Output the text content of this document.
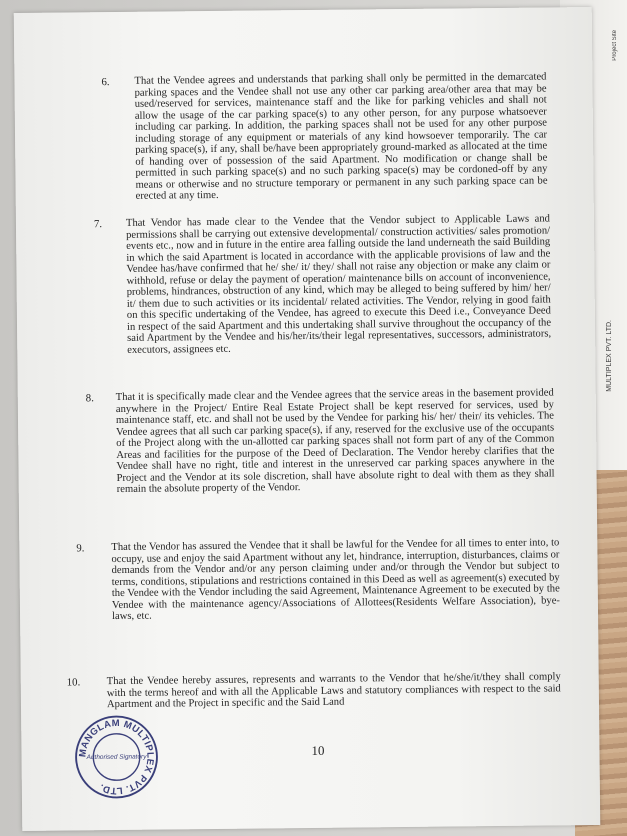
MULTIPLEX PVT. LTD.
Project Site
6. That the Vendee agrees and understands that parking shall only be permitted in the demarcated parking spaces and the Vendee shall not use any other car parking area/other area that may be used/reserved for services, maintenance staff and the like for parking vehicles and shall not allow the usage of the car parking space(s) to any other person, for any purpose whatsoever including car parking. In addition, the parking spaces shall not be used for any other purpose including storage of any equipment or materials of any kind howsoever temporarily. The car parking space(s), if any, shall be/have been appropriately ground-marked as allocated at the time of handing over of possession of the said Apartment. No modification or change shall be permitted in such parking space(s) and no such parking space(s) may be cordoned-off by any means or otherwise and no structure temporary or permanent in any such parking space can be erected at any time.

7. That Vendor has made clear to the Vendee that the Vendor subject to Applicable Laws and permissions shall be carrying out extensive developmental/ construction activities/ sales promotion/ events etc., now and in future in the entire area falling outside the land underneath the said Building in which the said Apartment is located in accordance with the applicable provisions of law and the Vendee has/have confirmed that he/ she/ it/ they/ shall not raise any objection or make any claim or withhold, refuse or delay the payment of operation/ maintenance bills on account of inconvenience, problems, hindrances, obstruction of any kind, which may be alleged to being suffered by him/ her/ it/ them due to such activities or its incidental/ related activities. The Vendor, relying in good faith on this specific undertaking of the Vendee, has agreed to execute this Deed i.e., Conveyance Deed in respect of the said Apartment and this undertaking shall survive throughout the occupancy of the said Apartment by the Vendee and his/her/its/their legal representatives, successors, administrators, executors, assignees etc.

8. That it is specifically made clear and the Vendee agrees that the service areas in the basement provided anywhere in the Project/ Entire Real Estate Project shall be kept reserved for services, used by maintenance staff, etc. and shall not be used by the Vendee for parking his/ her/ their/ its vehicles. The Vendee agrees that all such car parking space(s), if any, reserved for the exclusive use of the occupants of the Project along with the un-allotted car parking spaces shall not form part of any of the Common Areas and facilities for the purpose of the Deed of Declaration. The Vendor hereby clarifies that the Vendee shall have no right, title and interest in the unreserved car parking spaces anywhere in the Project and the Vendor at its sole discretion, shall have absolute right to deal with them as they shall remain the absolute property of the Vendor.

9.	That the Vendor has assured the Vendee that it shall be lawful for the Vendee for all times to enter into, to occupy, use and enjoy the said Apartment without any let, hindrance, interruption, disturbances, claims or demands from the Vendor and/or any person claiming under and/or through the Vendor but subject to terms, conditions, stipulations and restrictions contained in this Deed as well as agreement(s) executed by the Vendee with the Vendor including the said Agreement, Maintenance Agreement to be executed by the Vendee with the maintenance agency/Associations of Allottees(Residents Welfare Association), bye-laws, etc.

10. That the Vendee hereby assures, represents and warrants to the Vendor that he/she/it/they shall comply with the terms hereof and with all the Applicable Laws and statutory compliances with respect to the said Apartment and the Project in specific and the Said Land

10
MANGLAM MULTIPLEX PVT. LTD.
Authorised Signatory
